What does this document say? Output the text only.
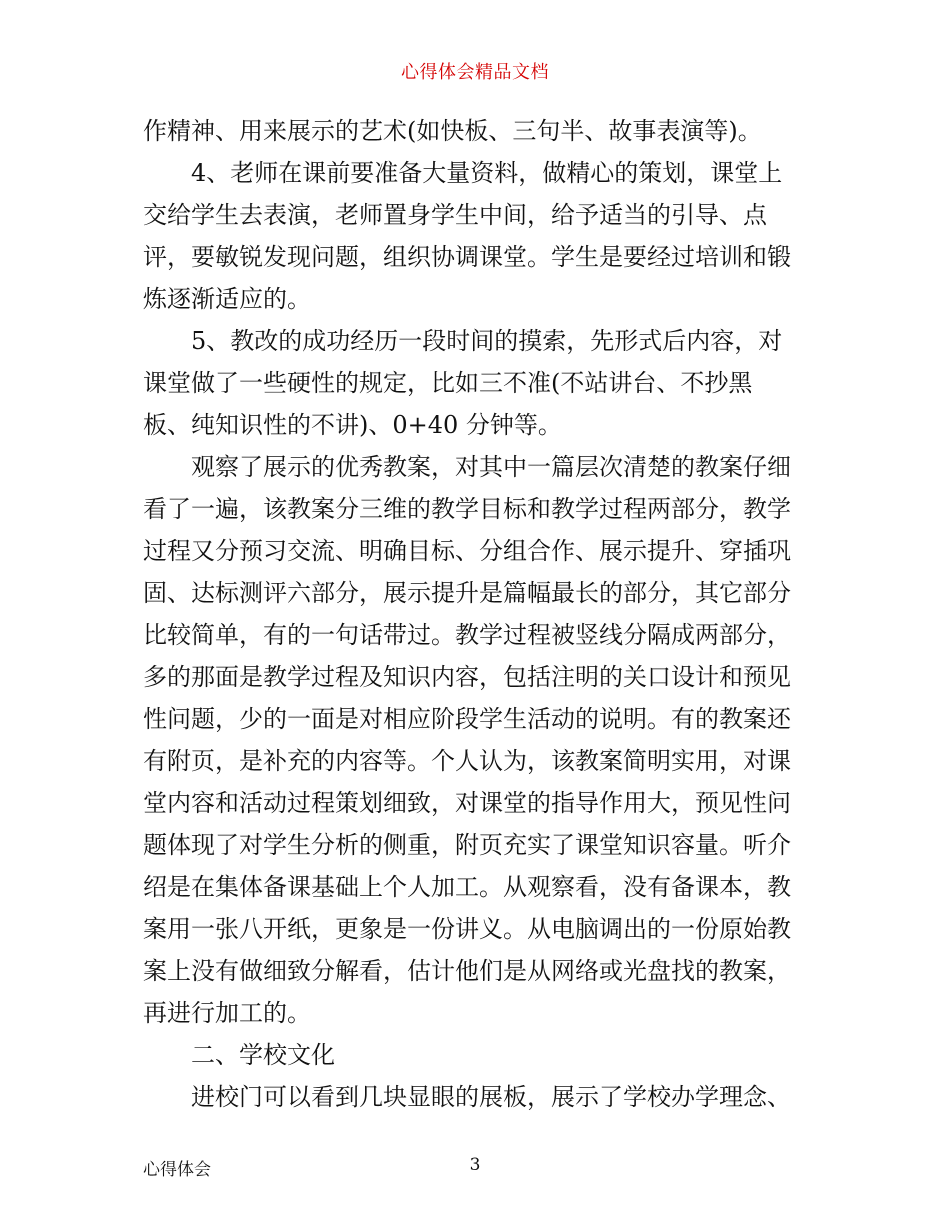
心得体会精品文档
作精神、用来展示的艺术(如快板、三句半、故事表演等)。
4、老师在课前要准备大量资料，做精心的策划，课堂上
交给学生去表演，老师置身学生中间，给予适当的引导、点
评，要敏锐发现问题，组织协调课堂。学生是要经过培训和锻
炼逐渐适应的。
5、教改的成功经历一段时间的摸索，先形式后内容，对
课堂做了一些硬性的规定，比如三不准(不站讲台、不抄黑
板、纯知识性的不讲)、0+40 分钟等。
观察了展示的优秀教案，对其中一篇层次清楚的教案仔细
看了一遍，该教案分三维的教学目标和教学过程两部分，教学
过程又分预习交流、明确目标、分组合作、展示提升、穿插巩
固、达标测评六部分，展示提升是篇幅最长的部分，其它部分
比较简单，有的一句话带过。教学过程被竖线分隔成两部分，
多的那面是教学过程及知识内容，包括注明的关口设计和预见
性问题，少的一面是对相应阶段学生活动的说明。有的教案还
有附页，是补充的内容等。个人认为，该教案简明实用，对课
堂内容和活动过程策划细致，对课堂的指导作用大，预见性问
题体现了对学生分析的侧重，附页充实了课堂知识容量。听介
绍是在集体备课基础上个人加工。从观察看，没有备课本，教
案用一张八开纸，更象是一份讲义。从电脑调出的一份原始教
案上没有做细致分解看，估计他们是从网络或光盘找的教案，
再进行加工的。
二、学校文化
进校门可以看到几块显眼的展板，展示了学校办学理念、
心得体会	3
